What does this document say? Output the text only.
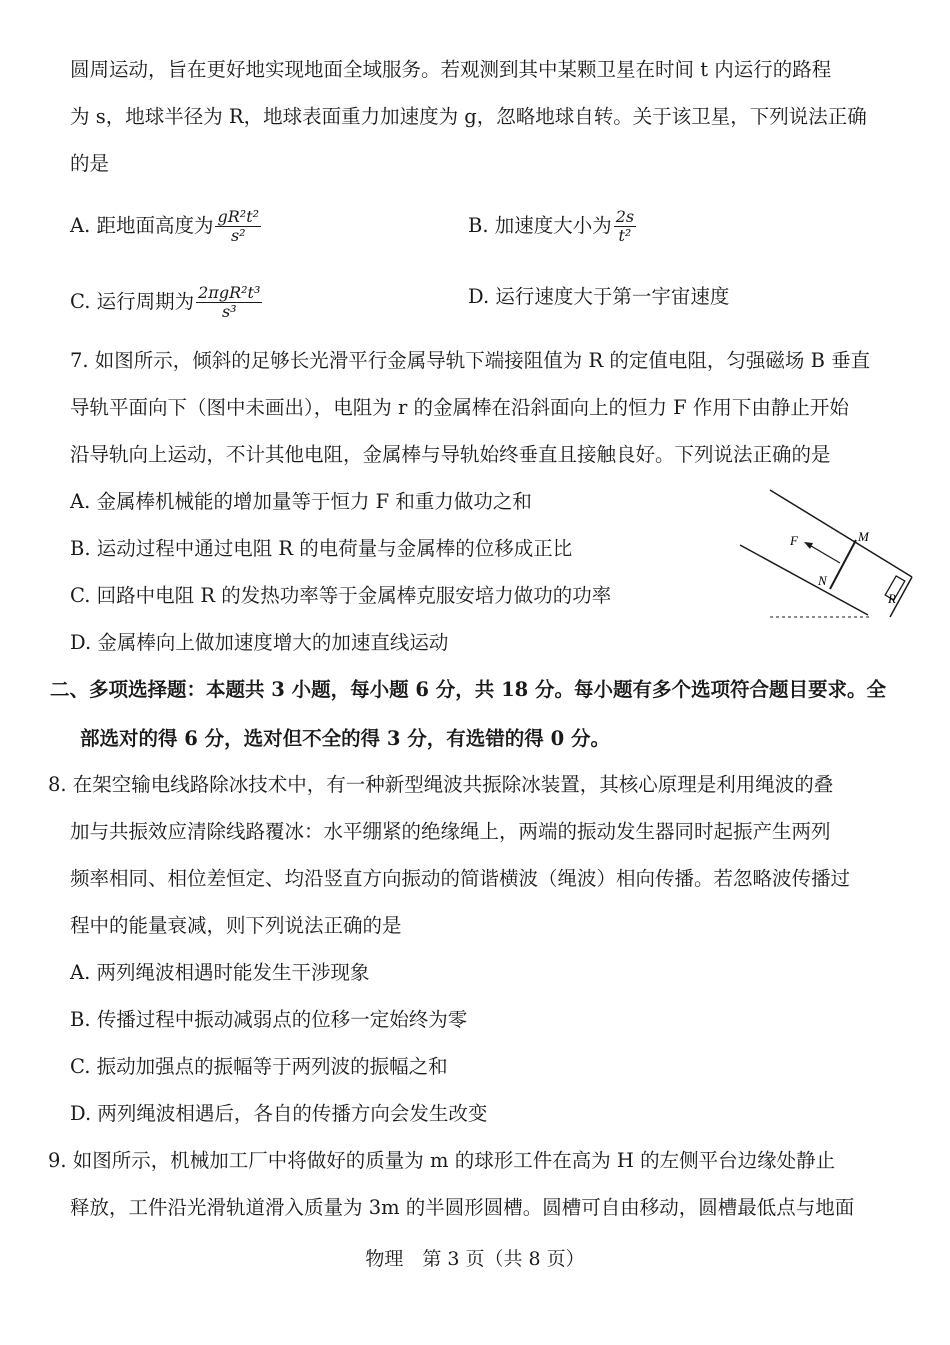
圆周运动，旨在更好地实现地面全域服务。若观测到其中某颗卫星在时间 t 内运行的路程
为 s，地球半径为 R，地球表面重力加速度为 g，忽略地球自转。关于该卫星，下列说法正确
的是
A. 距地面高度为 $\frac{\text{gR²t²}}{\text{s²}}$	B. 加速度大小为 $\frac{2s}{\text{t²}}$
C. 运行周期为 $\frac{\text{2πgR²t³}}{\text{s³}}$	D. 运行速度大于第一宇宙速度
7. 如图所示，倾斜的足够长光滑平行金属导轨下端接阻值为 R 的定值电阻，匀强磁场 B 垂直
导轨平面向下（图中未画出），电阻为 r 的金属棒在沿斜面向上的恒力 F 作用下由静止开始
沿导轨向上运动，不计其他电阻，金属棒与导轨始终垂直且接触良好。下列说法正确的是
A. 金属棒机械能的增加量等于恒力 F 和重力做功之和
B. 运动过程中通过电阻 R 的电荷量与金属棒的位移成正比
C. 回路中电阻 R 的发热功率等于金属棒克服安培力做功的功率
D. 金属棒向上做加速度增大的加速直线运动
F	M
N
R
二、多项选择题：本题共 3 小题，每小题 6 分，共 18 分。每小题有多个选项符合题目要求。全
部选对的得 6 分，选对但不全的得 3 分，有选错的得 0 分。
8. 在架空输电线路除冰技术中，有一种新型绳波共振除冰装置，其核心原理是利用绳波的叠
加与共振效应清除线路覆冰：水平绷紧的绝缘绳上，两端的振动发生器同时起振产生两列
频率相同、相位差恒定、均沿竖直方向振动的简谐横波（绳波）相向传播。若忽略波传播过
程中的能量衰减，则下列说法正确的是
A. 两列绳波相遇时能发生干涉现象
B. 传播过程中振动减弱点的位移一定始终为零
C. 振动加强点的振幅等于两列波的振幅之和
D. 两列绳波相遇后，各自的传播方向会发生改变
9. 如图所示，机械加工厂中将做好的质量为 m 的球形工件在高为 H 的左侧平台边缘处静止
释放，工件沿光滑轨道滑入质量为 3m 的半圆形圆槽。圆槽可自由移动，圆槽最低点与地面
物理　第 3 页（共 8 页）
